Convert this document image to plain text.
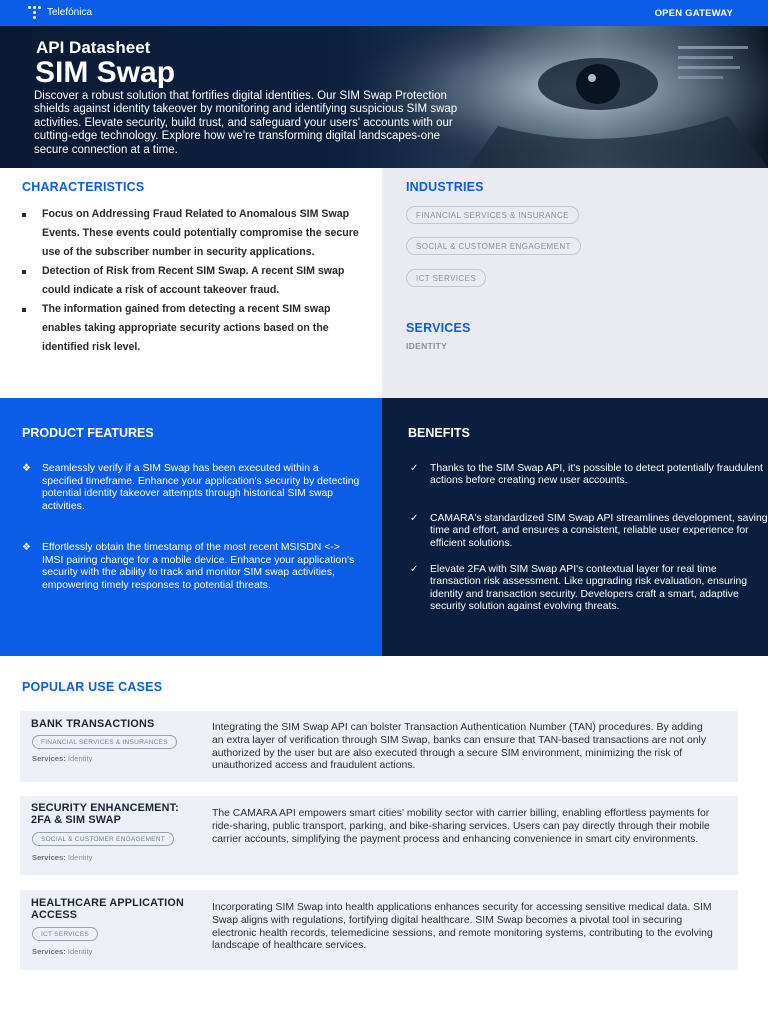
Telefónica	OPEN GATEWAY
API Datasheet
SIM Swap
Discover a robust solution that fortifies digital identities. Our SIM Swap Protection shields against identity takeover by monitoring and identifying suspicious SIM swap activities. Elevate security, build trust, and safeguard your users' accounts with our cutting-edge technology. Explore how we're transforming digital landscapes-one secure connection at a time.
CHARACTERISTICS
Focus on Addressing Fraud Related to Anomalous SIM Swap Events. These events could potentially compromise the secure use of the subscriber number in security applications.
Detection of Risk from Recent SIM Swap. A recent SIM swap could indicate a risk of account takeover fraud.
The information gained from detecting a recent SIM swap enables taking appropriate security actions based on the identified risk level.
INDUSTRIES
FINANCIAL SERVICES & INSURANCE
SOCIAL & CUSTOMER ENGAGEMENT
ICT SERVICES
SERVICES
IDENTITY
PRODUCT FEATURES
❖ Seamlessly verify if a SIM Swap has been executed within a specified timeframe. Enhance your application's security by detecting potential identity takeover attempts through historical SIM swap activities.
❖ Effortlessly obtain the timestamp of the most recent MSISDN <-> IMSI pairing change for a mobile device. Enhance your application's security with the ability to track and monitor SIM swap activities, empowering timely responses to potential threats.
BENEFITS
✓ Thanks to the SIM Swap API, it's possible to detect potentially fraudulent actions before creating new user accounts.
✓ CAMARA's standardized SIM Swap API streamlines development, saving time and effort, and ensures a consistent, reliable user experience for efficient solutions.
✓ Elevate 2FA with SIM Swap API's contextual layer for real time transaction risk assessment. Like upgrading risk evaluation, ensuring identity and transaction security. Developers craft a smart, adaptive security solution against evolving threats.
POPULAR USE CASES
BANK TRANSACTIONS
FINANCIAL SERVICES & INSURANCES
Services: Identity
Integrating the SIM Swap API can bolster Transaction Authentication Number (TAN) procedures. By adding an extra layer of verification through SIM Swap, banks can ensure that TAN-based transactions are not only authorized by the user but are also executed through a secure SIM environment, minimizing the risk of unauthorized access and fraudulent actions.
SECURITY ENHANCEMENT: 2FA & SIM SWAP
SOCIAL & CUSTOMER ENGAGEMENT
Services: Identity
The CAMARA API empowers smart cities' mobility sector with carrier billing, enabling effortless payments for ride-sharing, public transport, parking, and bike-sharing services. Users can pay directly through their mobile carrier accounts, simplifying the payment process and enhancing convenience in smart city environments.
HEALTHCARE APPLICATION ACCESS
ICT SERVICES
Services: Identity
Incorporating SIM Swap into health applications enhances security for accessing sensitive medical data. SIM Swap aligns with regulations, fortifying digital healthcare. SIM Swap becomes a pivotal tool in securing electronic health records, telemedicine sessions, and remote monitoring systems, contributing to the evolving landscape of healthcare services.
